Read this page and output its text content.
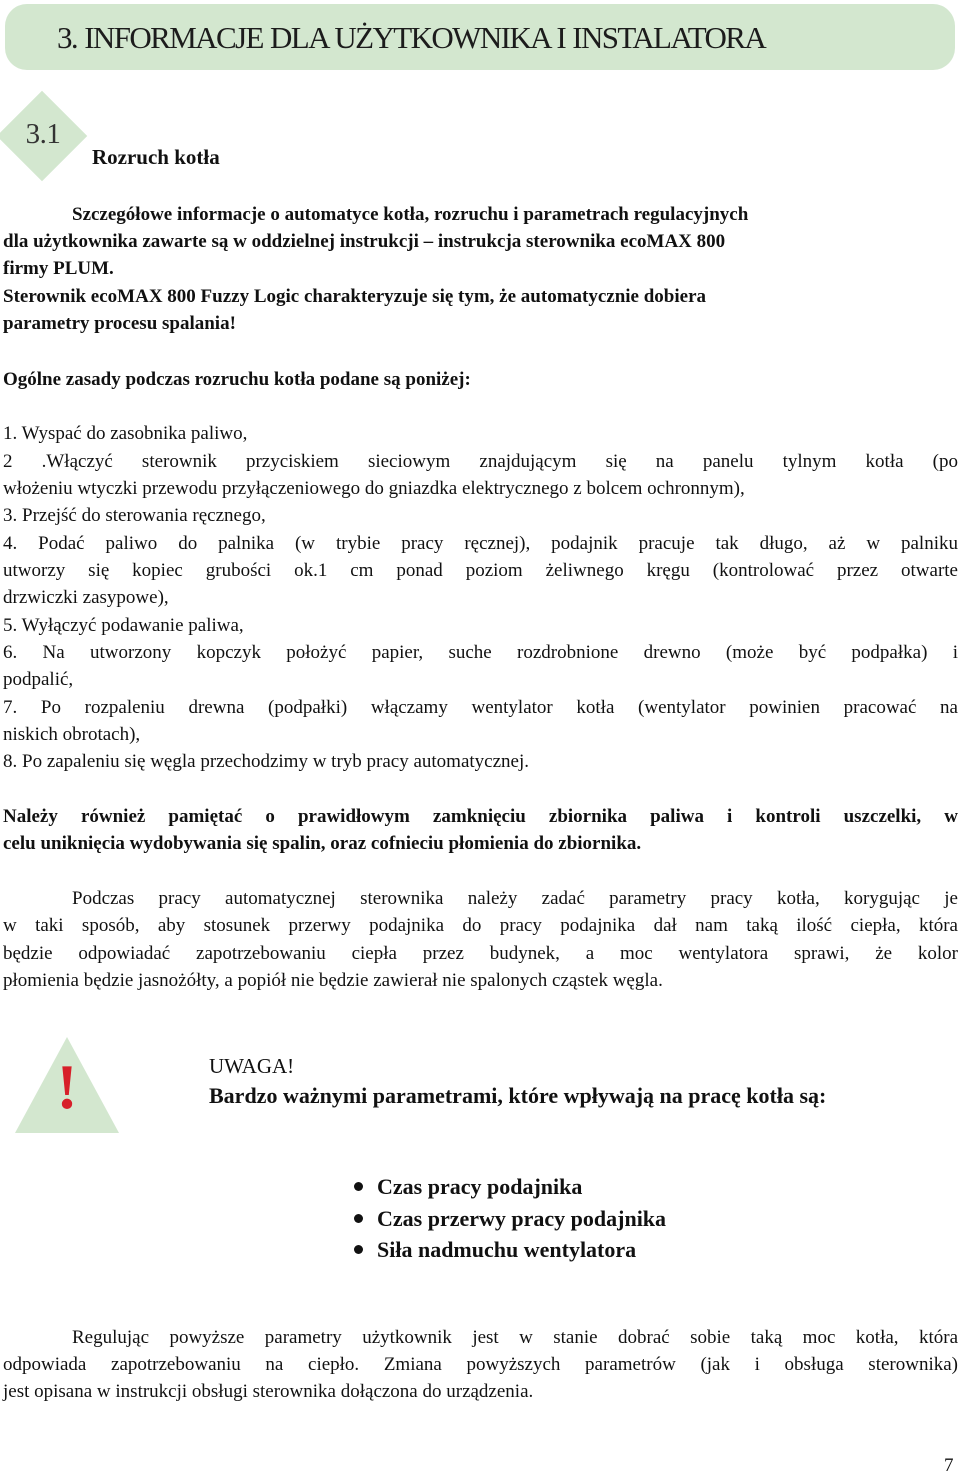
3. INFORMACJE DLA UŻYTKOWNIKA I INSTALATORA
3.1
Rozruch kotła

Szczegółowe informacje o automatyce kotła, rozruchu i parametrach regulacyjnych

dla użytkownika zawarte są w oddzielnej instrukcji – instrukcja sterownika ecoMAX 800

firmy PLUM.

Sterownik ecoMAX 800 Fuzzy Logic charakteryzuje się tym, że automatycznie dobiera

parametry procesu spalania!

Ogólne zasady podczas rozruchu kotła podane są poniżej:

1. Wyspać do zasobnika paliwo,

2 .Włączyć sterownik przyciskiem sieciowym znajdującym się na panelu tylnym kotła (po

włożeniu wtyczki przewodu przyłączeniowego do gniazdka elektrycznego z bolcem ochronnym),

3. Przejść do sterowania ręcznego,

4. Podać paliwo do palnika (w trybie pracy ręcznej), podajnik pracuje tak długo, aż w palniku

utworzy się kopiec grubości ok.1 cm ponad poziom żeliwnego kręgu (kontrolować przez otwarte

drzwiczki zasypowe),

5. Wyłączyć podawanie paliwa,

6. Na utworzony kopczyk położyć papier, suche rozdrobnione drewno (może być podpałka) i

podpalić,

7. Po rozpaleniu drewna (podpałki) włączamy wentylator kotła (wentylator powinien pracować na

niskich obrotach),

8. Po zapaleniu się węgla przechodzimy w tryb pracy automatycznej.

Należy również pamiętać o prawidłowym zamknięciu zbiornika paliwa i kontroli uszczelki, w

celu uniknięcia wydobywania się spalin, oraz cofnieciu płomienia do zbiornika.

Podczas pracy automatycznej sterownika należy zadać parametry pracy kotła, korygując je

w taki sposób, aby stosunek przerwy podajnika do pracy podajnika dał nam taką ilość ciepła, która

będzie odpowiadać zapotrzebowaniu ciepła przez budynek, a moc wentylatora sprawi, że kolor

płomienia będzie jasnożółty, a popiół nie będzie zawierał nie spalonych cząstek węgla.

!	UWAGA!
Bardzo ważnymi parametrami, które wpływają na pracę kotła są:
Czas pracy podajnika
Czas przerwy pracy podajnika
Siła nadmuchu wentylatora

Regulując powyższe parametry użytkownik jest w stanie dobrać sobie taką moc kotła, która

odpowiada zapotrzebowaniu na ciepło. Zmiana powyższych parametrów (jak i obsługa sterownika)

jest opisana w instrukcji obsługi sterownika dołączona do urządzenia.

7
